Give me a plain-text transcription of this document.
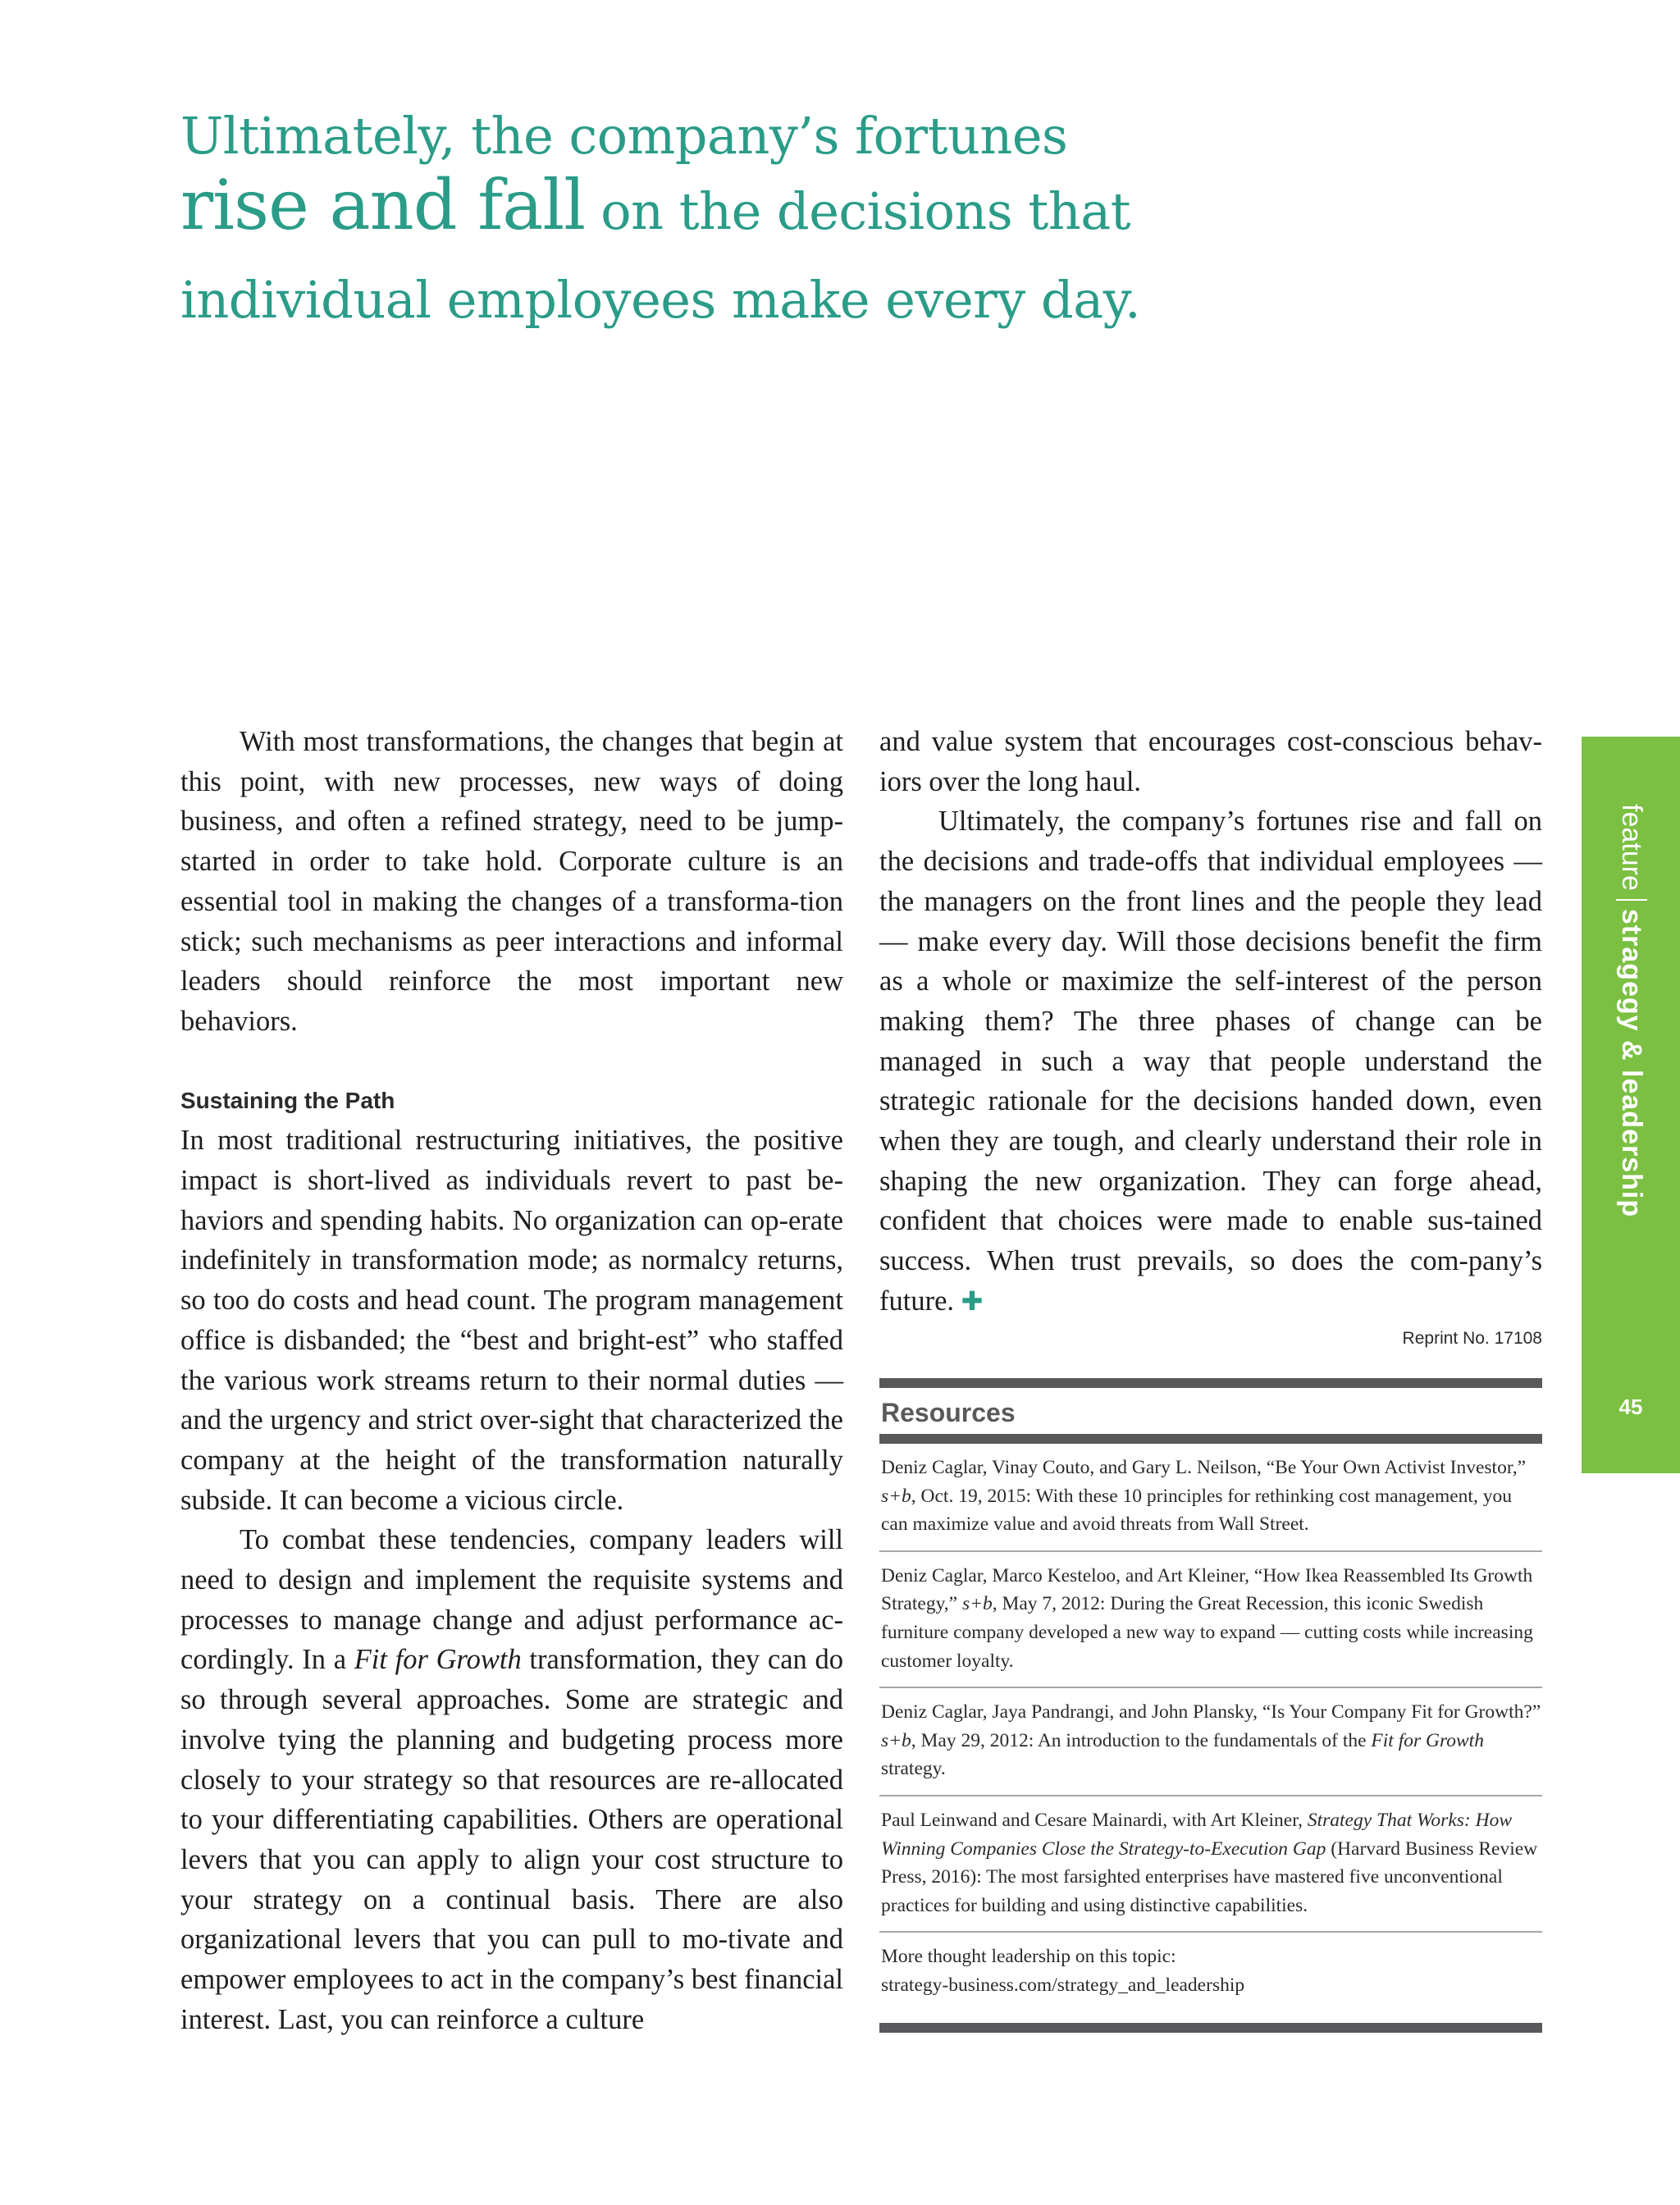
Ultimately, the company’s fortunes
rise and fall on the decisions that
individual employees make every day.

With most transformations, the changes that begin at this point, with new processes, new ways of doing business, and often a refined strategy, need to be jump-started in order to take hold. Corporate culture is an essential tool in making the changes of a transforma-tion stick; such mechanisms as peer interactions and informal leaders should reinforce the most important new behaviors.

Sustaining the Path

In most traditional restructuring initiatives, the positive impact is short-lived as individuals revert to past be-haviors and spending habits. No organization can op-erate indefinitely in transformation mode; as normalcy returns, so too do costs and head count. The program management office is disbanded; the “best and bright-est” who staffed the various work streams return to their normal duties — and the urgency and strict over-sight that characterized the company at the height of the transformation naturally subside. It can become a vicious circle.

To combat these tendencies, company leaders will need to design and implement the requisite systems and processes to manage change and adjust performance ac-cordingly. In a Fit for Growth transformation, they can do so through several approaches. Some are strategic and involve tying the planning and budgeting process more closely to your strategy so that resources are re-allocated to your differentiating capabilities. Others are operational levers that you can apply to align your cost structure to your strategy on a continual basis. There are also organizational levers that you can pull to mo-tivate and empower employees to act in the company’s best financial interest. Last, you can reinforce a culture

and value system that encourages cost-conscious behav-iors over the long haul.

Ultimately, the company’s fortunes rise and fall on the decisions and trade-offs that individual employees — the managers on the front lines and the people they lead — make every day. Will those decisions benefit the firm as a whole or maximize the self-interest of the person making them? The three phases of change can be managed in such a way that people understand the strategic rationale for the decisions handed down, even when they are tough, and clearly understand their role in shaping the new organization. They can forge ahead, confident that choices were made to enable sus-tained success. When trust prevails, so does the com-pany’s future. ✚

Reprint No. 17108
Resources
Deniz Caglar, Vinay Couto, and Gary L. Neilson, “Be Your Own Activist Investor,” s+b, Oct. 19, 2015: With these 10 principles for rethinking cost management, you can maximize value and avoid threats from Wall Street.
Deniz Caglar, Marco Kesteloo, and Art Kleiner, “How Ikea Reassembled Its Growth Strategy,” s+b, May 7, 2012: During the Great Recession, this iconic Swedish furniture company developed a new way to expand — cutting costs while increasing customer loyalty.
Deniz Caglar, Jaya Pandrangi, and John Plansky, “Is Your Company Fit for Growth?” s+b, May 29, 2012: An introduction to the fundamentals of the Fit for Growth strategy.
Paul Leinwand and Cesare Mainardi, with Art Kleiner, Strategy That Works: How Winning Companies Close the Strategy-to-Execution Gap (Harvard Business Review Press, 2016): The most farsighted enterprises have mastered five unconventional practices for building and using distinctive capabilities.
More thought leadership on this topic:
strategy-business.com/strategy_and_leadership
featurestragegy & leadership
45
